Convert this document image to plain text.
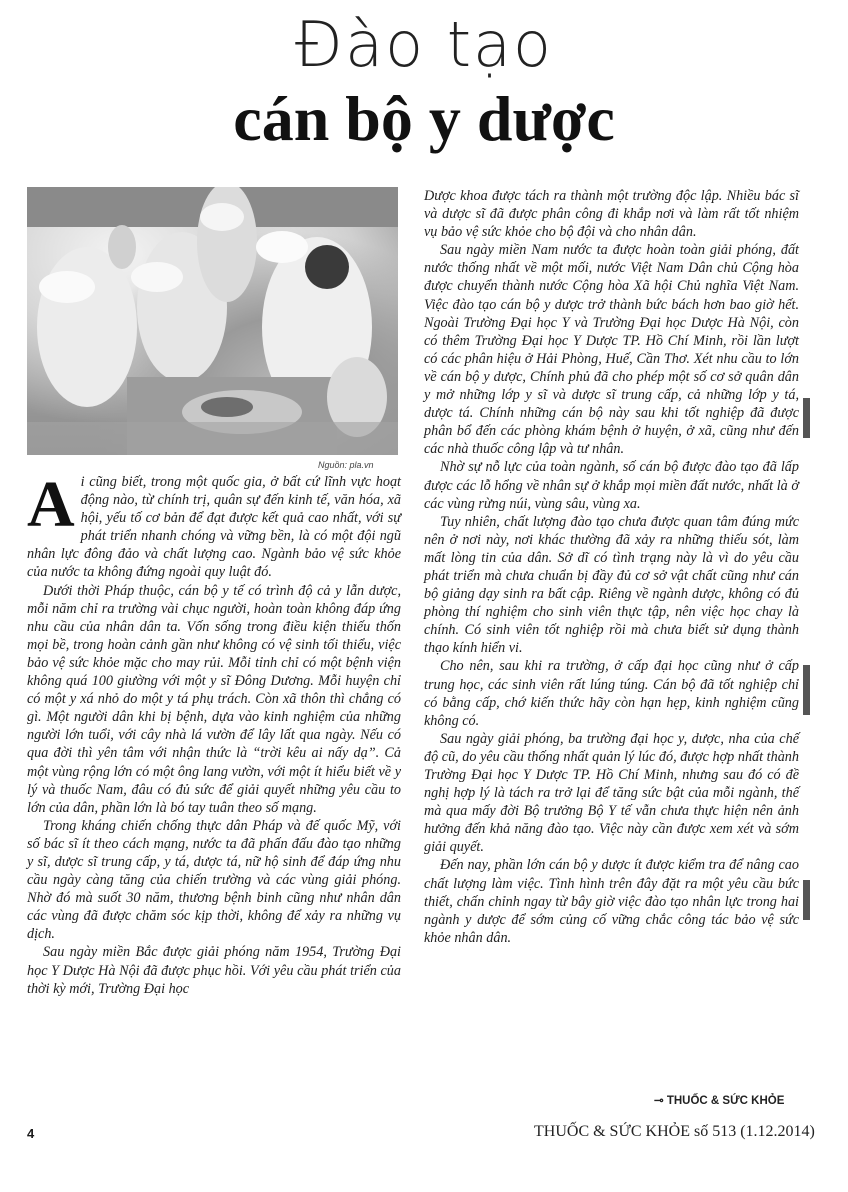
Đào tạo
cán bộ y dược
Nguồn: pla.vn
A i cũng biết, trong một quốc gia, ở bất cứ lĩnh vực hoạt động nào, từ chính trị, quân sự đến kinh tế, văn hóa, xã hội, yếu tố cơ bản để đạt được kết quả cao nhất, với sự phát triển nhanh chóng và vững bền, là có một đội ngũ nhân lực đông đảo và chất lượng cao. Ngành bảo vệ sức khỏe của nước ta không đứng ngoài quy luật đó.

Dưới thời Pháp thuộc, cán bộ y tế có trình độ cả y lẫn dược, mỗi năm chỉ ra trường vài chục người, hoàn toàn không đáp ứng nhu cầu của nhân dân ta. Vốn sống trong điều kiện thiếu thốn mọi bề, trong hoàn cảnh gần như không có vệ sinh tối thiểu, việc bảo vệ sức khỏe mặc cho may rủi. Mỗi tỉnh chỉ có một bệnh viện không quá 100 giường với một y sĩ Đông Dương. Mỗi huyện chỉ có một y xá nhỏ do một y tá phụ trách. Còn xã thôn thì chẳng có gì. Một người dân khi bị bệnh, dựa vào kinh nghiệm của những người lớn tuổi, với cây nhà lá vườn để lây lất qua ngày. Nếu có qua đời thì yên tâm với nhận thức là “trời kêu ai nấy dạ”. Cả một vùng rộng lớn có một ông lang vườn, với một ít hiểu biết về y lý và thuốc Nam, đâu có đủ sức để giải quyết những yêu cầu to lớn của dân, phần lớn là bó tay tuân theo số mạng.

Trong kháng chiến chống thực dân Pháp và đế quốc Mỹ, với số bác sĩ ít theo cách mạng, nước ta đã phấn đấu đào tạo những y sĩ, dược sĩ trung cấp, y tá, dược tá, nữ hộ sinh để đáp ứng nhu cầu ngày càng tăng của chiến trường và các vùng giải phóng. Nhờ đó mà suốt 30 năm, thương bệnh binh cũng như nhân dân các vùng đã được chăm sóc kịp thời, không để xảy ra những vụ dịch.

Sau ngày miền Bắc được giải phóng năm 1954, Trường Đại học Y Dược Hà Nội đã được phục hồi. Với yêu cầu phát triển của thời kỳ mới, Trường Đại học

Dược khoa được tách ra thành một trường độc lập. Nhiều bác sĩ và dược sĩ đã được phân công đi khắp nơi và làm rất tốt nhiệm vụ bảo vệ sức khỏe cho bộ đội và cho nhân dân.

Sau ngày miền Nam nước ta được hoàn toàn giải phóng, đất nước thống nhất về một mối, nước Việt Nam Dân chủ Cộng hòa được chuyển thành nước Cộng hòa Xã hội Chủ nghĩa Việt Nam. Việc đào tạo cán bộ y dược trở thành bức bách hơn bao giờ hết. Ngoài Trường Đại học Y và Trường Đại học Dược Hà Nội, còn có thêm Trường Đại học Y Dược TP. Hồ Chí Minh, rồi lần lượt có các phân hiệu ở Hải Phòng, Huế, Cần Thơ. Xét nhu cầu to lớn về cán bộ y dược, Chính phủ đã cho phép một số cơ sở quân dân y mở những lớp y sĩ và dược sĩ trung cấp, cả những lớp y tá, dược tá. Chính những cán bộ này sau khi tốt nghiệp đã được phân bổ đến các phòng khám bệnh ở huyện, ở xã, cũng như đến các nhà thuốc công lập và tư nhân.

Nhờ sự nỗ lực của toàn ngành, số cán bộ được đào tạo đã lấp được các lỗ hổng về nhân sự ở khắp mọi miền đất nước, nhất là ở các vùng rừng núi, vùng sâu, vùng xa.

Tuy nhiên, chất lượng đào tạo chưa được quan tâm đúng mức nên ở nơi này, nơi khác thường đã xảy ra những thiếu sót, làm mất lòng tin của dân. Sở dĩ có tình trạng này là vì do yêu cầu phát triển mà chưa chuẩn bị đầy đủ cơ sở vật chất cũng như cán bộ giảng dạy sinh ra bất cập. Riêng về ngành dược, không có đủ phòng thí nghiệm cho sinh viên thực tập, nên việc học chay là chính. Có sinh viên tốt nghiệp rồi mà chưa biết sử dụng thành thạo kính hiển vi.

Cho nên, sau khi ra trường, ở cấp đại học cũng như ở cấp trung học, các sinh viên rất lúng túng. Cán bộ đã tốt nghiệp chỉ có bằng cấp, chớ kiến thức hãy còn hạn hẹp, kinh nghiệm cũng không có.

Sau ngày giải phóng, ba trường đại học y, dược, nha của chế độ cũ, do yêu cầu thống nhất quản lý lúc đó, được hợp nhất thành Trường Đại học Y Dược TP. Hồ Chí Minh, nhưng sau đó có đề nghị hợp lý là tách ra trở lại để tăng sức bật của mỗi ngành, thế mà qua mấy đời Bộ trưởng Bộ Y tế vẫn chưa thực hiện nên ảnh hưởng đến khả năng đào tạo. Việc này cần được xem xét và sớm giải quyết.

Đến nay, phần lớn cán bộ y dược ít được kiểm tra để nâng cao chất lượng làm việc. Tình hình trên đây đặt ra một yêu cầu bức thiết, chấn chỉnh ngay từ bây giờ việc đào tạo nhân lực trong hai ngành y dược để sớm củng cố vững chắc công tác bảo vệ sức khỏe nhân dân.

⊸ THUỐC & SỨC KHỎE
4	THUỐC & SỨC KHỎE số 513 (1.12.2014)
